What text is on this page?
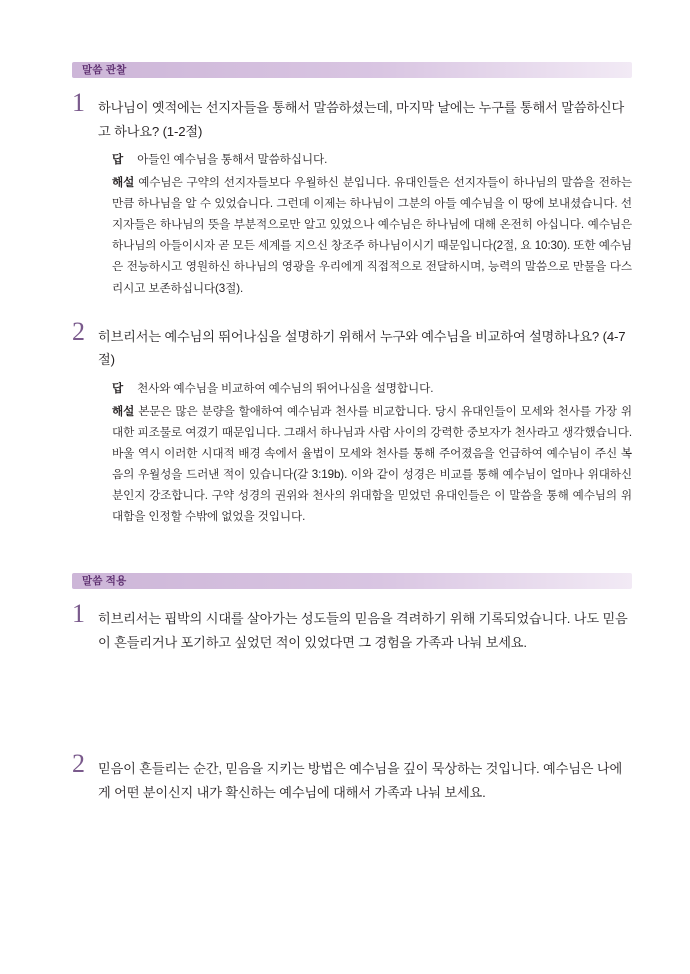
말씀 관찰
1 하나님이 옛적에는 선지자들을 통해서 말씀하셨는데, 마지막 날에는 누구를 통해서 말씀하신다고 하나요? (1-2절)

답 아들인 예수님을 통해서 말씀하십니다.

해설 예수님은 구약의 선지자들보다 우월하신 분입니다. 유대인들은 선지자들이 하나님의 말씀을 전하는 만큼 하나님을 알 수 있었습니다. 그런데 이제는 하나님이 그분의 아들 예수님을 이 땅에 보내셨습니다. 선지자들은 하나님의 뜻을 부분적으로만 알고 있었으나 예수님은 하나님에 대해 온전히 아십니다. 예수님은 하나님의 아들이시자 곧 모든 세계를 지으신 창조주 하나님이시기 때문입니다(2절, 요 10:30). 또한 예수님은 전능하시고 영원하신 하나님의 영광을 우리에게 직접적으로 전달하시며, 능력의 말씀으로 만물을 다스리시고 보존하십니다(3절).

2 히브리서는 예수님의 뛰어나심을 설명하기 위해서 누구와 예수님을 비교하여 설명하나요? (4-7절)

답 천사와 예수님을 비교하여 예수님의 뛰어나심을 설명합니다.

해설 본문은 많은 분량을 할애하여 예수님과 천사를 비교합니다. 당시 유대인들이 모세와 천사를 가장 위대한 피조물로 여겼기 때문입니다. 그래서 하나님과 사람 사이의 강력한 중보자가 천사라고 생각했습니다. 바울 역시 이러한 시대적 배경 속에서 율법이 모세와 천사를 통해 주어졌음을 언급하여 예수님이 주신 복음의 우월성을 드러낸 적이 있습니다(갈 3:19b). 이와 같이 성경은 비교를 통해 예수님이 얼마나 위대하신 분인지 강조합니다. 구약 성경의 권위와 천사의 위대함을 믿었던 유대인들은 이 말씀을 통해 예수님의 위대함을 인정할 수밖에 없었을 것입니다.

말씀 적용
1 히브리서는 핍박의 시대를 살아가는 성도들의 믿음을 격려하기 위해 기록되었습니다. 나도 믿음이 흔들리거나 포기하고 싶었던 적이 있었다면 그 경험을 가족과 나눠 보세요.

2 믿음이 흔들리는 순간, 믿음을 지키는 방법은 예수님을 깊이 묵상하는 것입니다. 예수님은 나에게 어떤 분이신지 내가 확신하는 예수님에 대해서 가족과 나눠 보세요.
